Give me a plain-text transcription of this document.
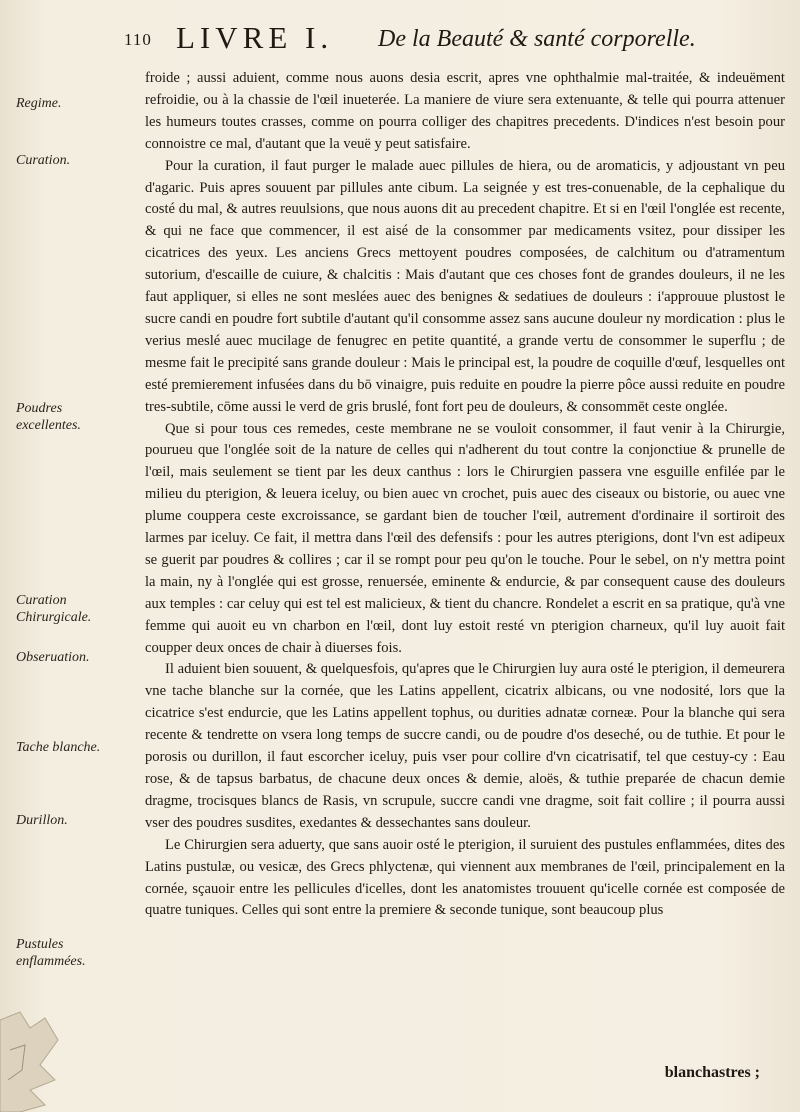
110 LIVRE I. De la Beauté & santé corporelle.
Regime.
Curation.
Poudres excellentes.
Curation Chirurgicale.
Obseruation.
Tache blanche.
Durillon.
Pustules enflammées.

froide ; aussi aduient, comme nous auons desia escrit, apres vne ophthalmie mal-traitée, & indeuëment refroidie, ou à la chassie de l'œil inueterée. La maniere de viure sera extenuante, & telle qui pourra attenuer les humeurs toutes crasses, comme on pourra colliger des chapitres precedents. D'indices n'est besoin pour connoistre ce mal, d'autant que la veuë y peut satisfaire.

Pour la curation, il faut purger le malade auec pillules de hiera, ou de aromaticis, y adjoustant vn peu d'agaric. Puis apres souuent par pillules ante cibum. La seignée y est tres-conuenable, de la cephalique du costé du mal, & autres reuulsions, que nous auons dit au precedent chapitre. Et si en l'œil l'onglée est recente, & qui ne face que commencer, il est aisé de la consommer par medicaments vsitez, pour dissiper les cicatrices des yeux. Les anciens Grecs mettoyent poudres composées, de calchitum ou d'atramentum sutorium, d'escaille de cuiure, & chalcitis : Mais d'autant que ces choses font de grandes douleurs, il ne les faut appliquer, si elles ne sont meslées auec des benignes & sedatiues de douleurs : i'approuue plustost le sucre candi en poudre fort subtile d'autant qu'il consomme assez sans aucune douleur ny mordication : plus le verius meslé auec mucilage de fenugrec en petite quantité, a grande vertu de consommer le superflu ; de mesme fait le precipité sans grande douleur : Mais le principal est, la poudre de coquille d'œuf, lesquelles ont esté premierement infusées dans du bō vinaigre, puis reduite en poudre la pierre pôce aussi reduite en poudre tres-subtile, cōme aussi le verd de gris bruslé, font fort peu de douleurs, & consommēt ceste onglée.

Que si pour tous ces remedes, ceste membrane ne se vouloit consommer, il faut venir à la Chirurgie, pourueu que l'onglée soit de la nature de celles qui n'adherent du tout contre la conjonctiue & prunelle de l'œil, mais seulement se tient par les deux canthus : lors le Chirurgien passera vne esguille enfilée par le milieu du pterigion, & leuera iceluy, ou bien auec vn crochet, puis auec des ciseaux ou bistorie, ou auec vne plume couppera ceste excroissance, se gardant bien de toucher l'œil, autrement d'ordinaire il sortiroit des larmes par iceluy. Ce fait, il mettra dans l'œil des defensifs : pour les autres pterigions, dont l'vn est adipeux se guerit par poudres & collires ; car il se rompt pour peu qu'on le touche. Pour le sebel, on n'y mettra point la main, ny à l'onglée qui est grosse, renuersée, eminente & endurcie, & par consequent cause des douleurs aux temples : car celuy qui est tel est malicieux, & tient du chancre. Rondelet a escrit en sa pratique, qu'à vne femme qui auoit eu vn charbon en l'œil, dont luy estoit resté vn pterigion charneux, qu'il luy auoit fait coupper deux onces de chair à diuerses fois.

Il aduient bien souuent, & quelquesfois, qu'apres que le Chirurgien luy aura osté le pterigion, il demeurera vne tache blanche sur la cornée, que les Latins appellent, cicatrix albicans, ou vne nodosité, lors que la cicatrice s'est endurcie, que les Latins appellent tophus, ou durities adnatæ corneæ. Pour la blanche qui sera recente & tendrette on vsera long temps de succre candi, ou de poudre d'os deseché, ou de tuthie. Et pour le porosis ou durillon, il faut escorcher iceluy, puis vser pour collire d'vn cicatrisatif, tel que cestuy-cy : Eau rose, & de tapsus barbatus, de chacune deux onces & demie, aloës, & tuthie preparée de chacun demie dragme, trocisques blancs de Rasis, vn scrupule, succre candi vne dragme, soit fait collire ; il pourra aussi vser des poudres susdites, exedantes & dessechantes sans douleur.

Le Chirurgien sera aduerty, que sans auoir osté le pterigion, il suruient des pustules enflammées, dites des Latins pustulæ, ou vesicæ, des Grecs phlyctenæ, qui viennent aux membranes de l'œil, principalement en la cornée, sçauoir entre les pellicules d'icelles, dont les anatomistes trouuent qu'icelle cornée est composée de quatre tuniques. Celles qui sont entre la premiere & seconde tunique, sont beaucoup plus

blanchastres ;
